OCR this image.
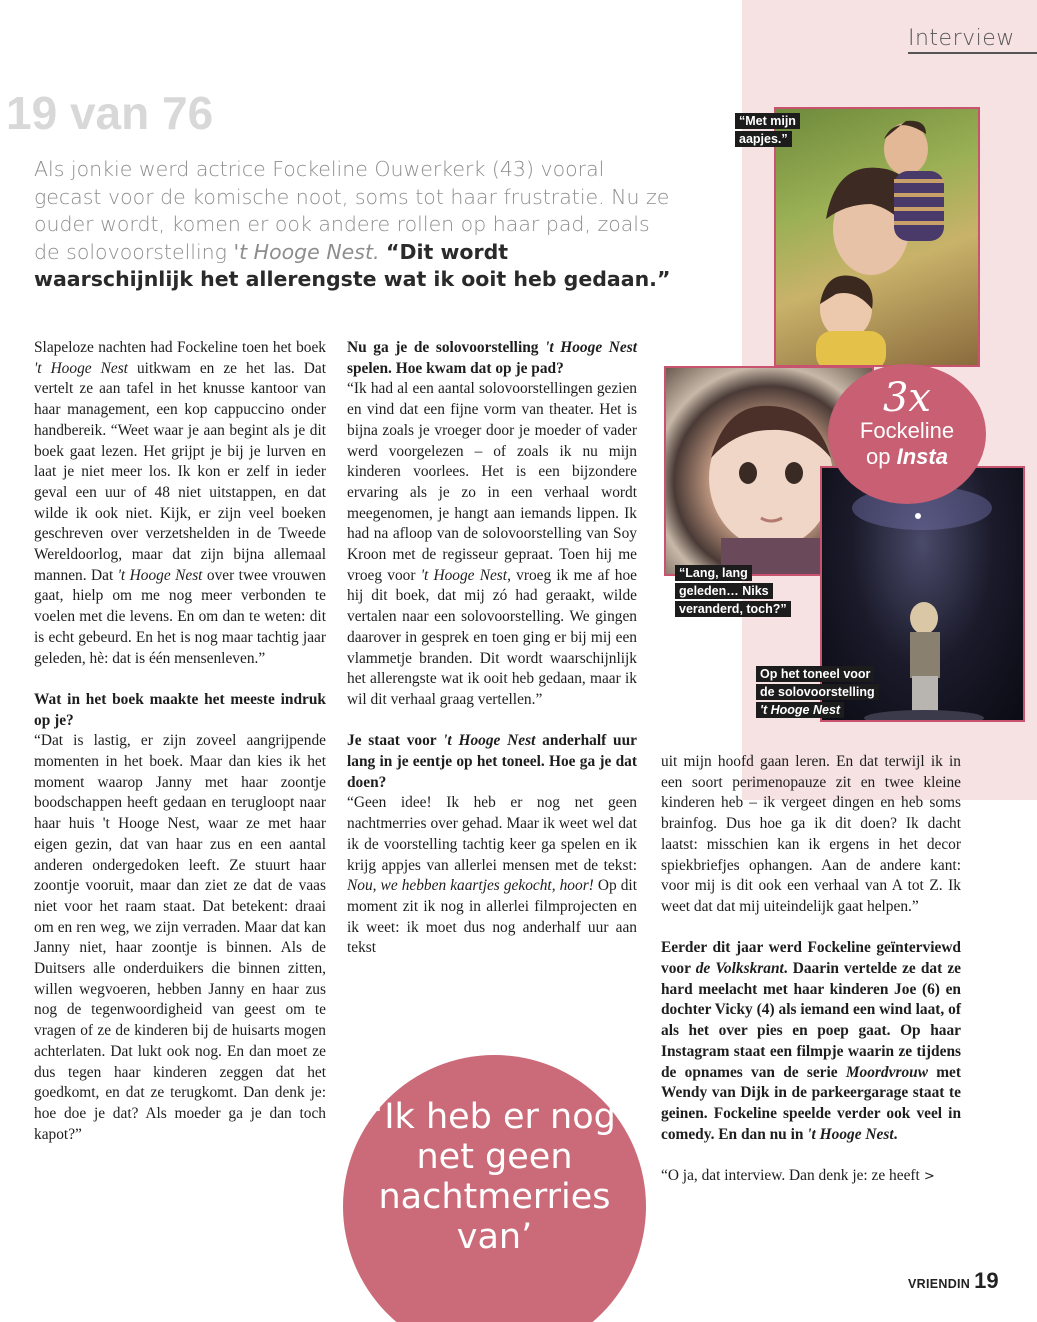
Interview
19 van 76
Als jonkie werd actrice Fockeline Ouwerkerk (43) vooral gecast voor de komische noot, soms tot haar frustratie. Nu ze ouder wordt, komen er ook andere rollen op haar pad, zoals de solovoorstelling 't Hooge Nest. “Dit wordt waarschijnlijk het allerengste wat ik ooit heb gedaan.”

Slapeloze nachten had Fockeline toen het boek 't Hooge Nest uitkwam en ze het las. Dat vertelt ze aan tafel in het knusse kantoor van haar management, een kop cappuccino onder handbereik. “Weet waar je aan begint als je dit boek gaat lezen. Het grijpt je bij je lurven en laat je niet meer los. Ik kon er zelf in ieder geval een uur of 48 niet uitstappen, en dat wilde ik ook niet. Kijk, er zijn veel boeken geschreven over verzetshelden in de Tweede Wereldoorlog, maar dat zijn bijna allemaal mannen. Dat 't Hooge Nest over twee vrouwen gaat, hielp om me nog meer verbonden te voelen met die levens. En om dan te weten: dit is echt gebeurd. En het is nog maar tachtig jaar geleden, hè: dat is één mensenleven.”

Wat in het boek maakte het meeste indruk op je?
“Dat is lastig, er zijn zoveel aangrijpende momenten in het boek. Maar dan kies ik het moment waarop Janny met haar zoontje boodschappen heeft gedaan en terugloopt naar haar huis 't Hooge Nest, waar ze met haar eigen gezin, dat van haar zus en een aantal anderen ondergedoken leeft. Ze stuurt haar zoontje vooruit, maar dan ziet ze dat de vaas niet voor het raam staat. Dat betekent: draai om en ren weg, we zijn verraden. Maar dat kan Janny niet, haar zoontje is binnen. Als de Duitsers alle onderduikers die binnen zitten, willen wegvoeren, hebben Janny en haar zus nog de tegenwoordigheid van geest om te vragen of ze de kinderen bij de huisarts mogen achterlaten. Dat lukt ook nog. En dan moet ze dus tegen haar kinderen zeggen dat het goedkomt, en dat ze terugkomt. Dan denk je: hoe doe je dat? Als moeder ga je dan toch kapot?”

Nu ga je de solovoorstelling 't Hooge Nest spelen. Hoe kwam dat op je pad?
“Ik had al een aantal solovoorstellingen gezien en vind dat een fijne vorm van theater. Het is bijna zoals je vroeger door je moeder of vader werd voorgelezen – of zoals ik nu mijn kinderen voorlees. Het is een bijzondere ervaring als je zo in een verhaal wordt meegenomen, je hangt aan iemands lippen. Ik had na afloop van de solovoorstelling van Soy Kroon met de regisseur gepraat. Toen hij me vroeg voor 't Hooge Nest, vroeg ik me af hoe hij dit boek, dat mij zó had geraakt, wilde vertalen naar een solovoorstelling. We gingen daarover in gesprek en toen ging er bij mij een vlammetje branden. Dit wordt waarschijnlijk het allerengste wat ik ooit heb gedaan, maar ik wil dit verhaal graag vertellen.”

Je staat voor 't Hooge Nest anderhalf uur lang in je eentje op het toneel. Hoe ga je dat doen?
“Geen idee! Ik heb er nog net geen nachtmerries over gehad. Maar ik weet wel dat ik de voorstelling tachtig keer ga spelen en ik krijg appjes van allerlei mensen met de tekst: Nou, we hebben kaartjes gekocht, hoor! Op dit moment zit ik nog in allerlei filmprojecten en ik weet: ik moet dus nog anderhalf uur aan tekst

uit mijn hoofd gaan leren. En dat terwijl ik in een soort perimenopauze zit en twee kleine kinderen heb – ik vergeet dingen en heb soms brainfog. Dus hoe ga ik dit doen? Ik dacht laatst: misschien kan ik ergens in het decor spiekbriefjes ophangen. Aan de andere kant: voor mij is dit ook een verhaal van A tot Z. Ik weet dat dat mij uiteindelijk gaat helpen.”

Eerder dit jaar werd Fockeline geïnterviewd voor de Volkskrant. Daarin vertelde ze dat ze hard meelacht met haar kinderen Joe (6) en dochter Vicky (4) als iemand een wind laat, of als het over pies en poep gaat. Op haar Instagram staat een filmpje waarin ze tijdens de opnames van de serie Moordvrouw met Wendy van Dijk in de parkeergarage staat te geinen. Fockeline speelde verder ook veel in comedy. En dan nu in 't Hooge Nest.

“O ja, dat interview. Dan denk je: ze heeft >

“Met mijn
aapjes.”
“Lang, lang
geleden… Niks
veranderd, toch?”
Op het toneel voor
de solovoorstelling
't Hooge Nest
3x
Fockeline
op Insta
‘Ik heb er nog net geen nachtmerries van’
VRIENDIN 19
